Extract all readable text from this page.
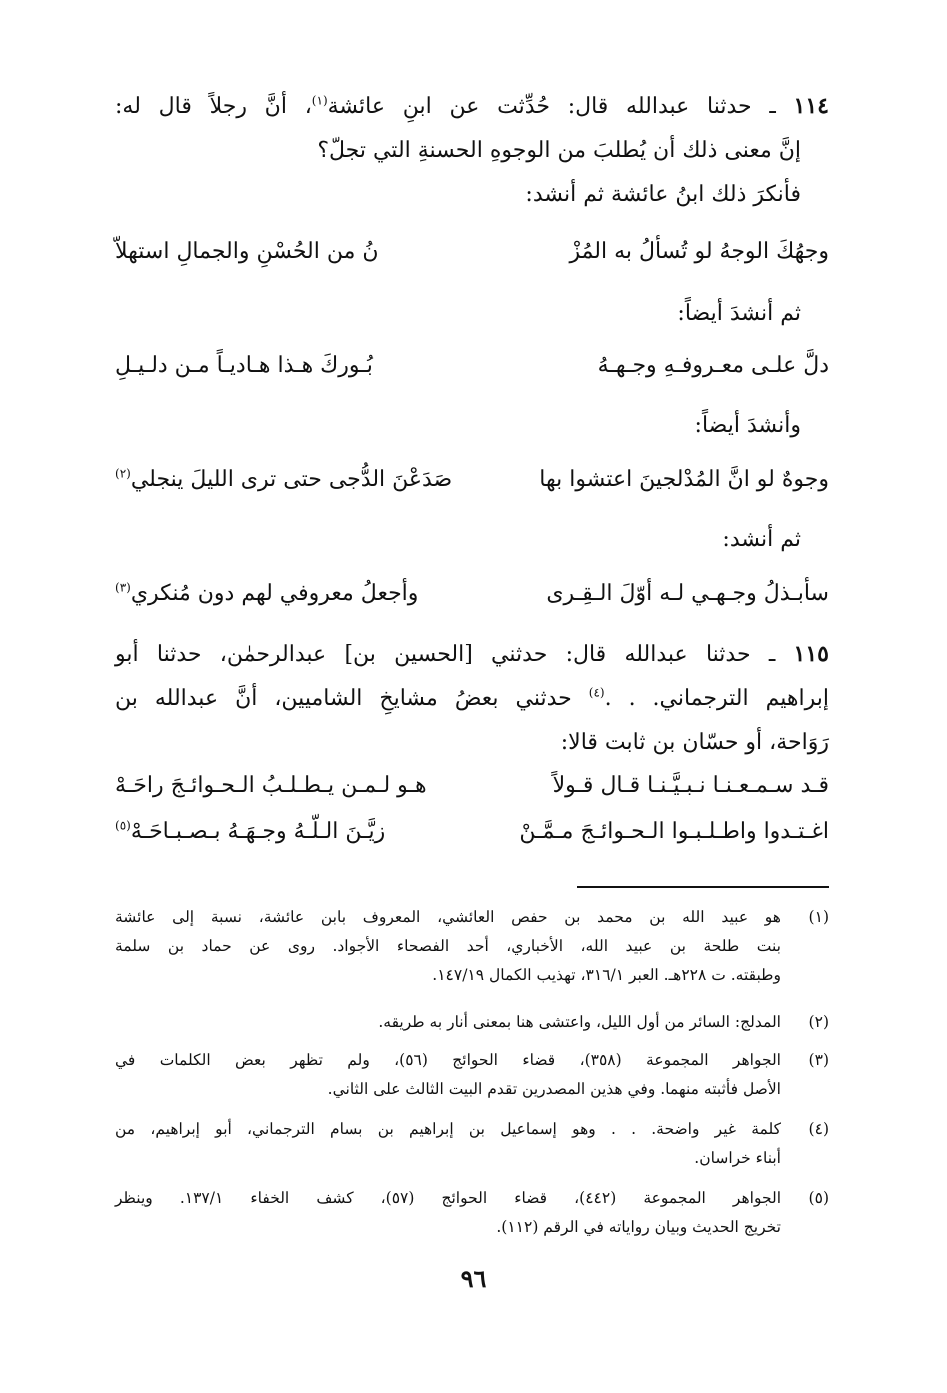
١١٤ ـ حدثنا عبدالله قال: حُدِّثت عن ابنِ عائشة$^{(١)}$، أنَّ رجلاً قال له:
إنَّ معنى ذلك أن يُطلبَ من الوجوهِ الحسنةِ التي تجلّ؟
فأنكرَ ذلك ابنُ عائشة ثم أنشد:
وجهُكَ الوجهُ لو تُسألُ به المُزْ
نُ من الحُسْنِ والجمالِ استهلاّ
ثم أنشدَ أيضاً:
دلَّ علـى معـروفـهِ وجـهـهُ
بُـوركَ هـذا هـاديـاً مـن دلـيـلِ
وأنشدَ أيضاً:
وجوهٌ لو انَّ المُدْلجينَ اعتشوا بها
صَدَعْنَ الدُّجى حتى ترى الليلَ ينجلي$^{(٢)}$
ثم أنشد:
سأبـذلُ وجـهـي لـه أوّلَ الـقِـرى
وأجعلُ معروفي لهم دون مُنكري$^{(٣)}$
١١٥ ـ حدثنا عبدالله قال: حدثني [الحسين بن] عبدالرحمٰن، حدثنا أبو
إبراهيم الترجماني. . .$^{(٤)}$ حدثني بعضُ مشايخِ الشاميين، أنَّ عبدالله بن
رَوَاحة، أو حسّان بن ثابت قالا:
قـد سـمـعـنـا نـبـيَّـنـا قـال قـولاً
هـو لـمـن يـطـلـبُ الـحـوائـجَ راحَـهْ
اغـتـدوا واطـلـبـوا الـحـوائـجَ مـمَّـنْ
زيَّـنَ الـلّـهُ وجـهَـهُ بـصـبـاحَـهْ$^{(٥)}$
(١)
هو عبيد الله بن محمد بن حفص العائشي، المعروف بابن عائشة، نسبة إلى عائشة
بنت طلحة بن عبيد الله، الأخباري، أحد الفصحاء الأجواد. روى عن حماد بن سلمة
وطبقته. ت ٢٢٨هـ. العبر ٣١٦/١، تهذيب الكمال ١٤٧/١٩.
(٢)
المدلج: السائر من أول الليل، واعتشى هنا بمعنى أنار به طريقه.
(٣)
الجواهر المجموعة (٣٥٨)، قضاء الحوائج (٥٦)، ولم تظهر بعض الكلمات في
الأصل فأثبته منهما. وفي هذين المصدرين تقدم البيت الثالث على الثاني.
(٤)
كلمة غير واضحة. . . وهو إسماعيل بن إبراهيم بن بسام الترجماني، أبو إبراهيم، من
أبناء خراسان.
(٥)
الجواهر المجموعة (٤٤٢)، قضاء الحوائج (٥٧)، كشف الخفاء ١٣٧/١. وينظر
تخريج الحديث وبيان رواياته في الرقم (١١٢).
٩٦
